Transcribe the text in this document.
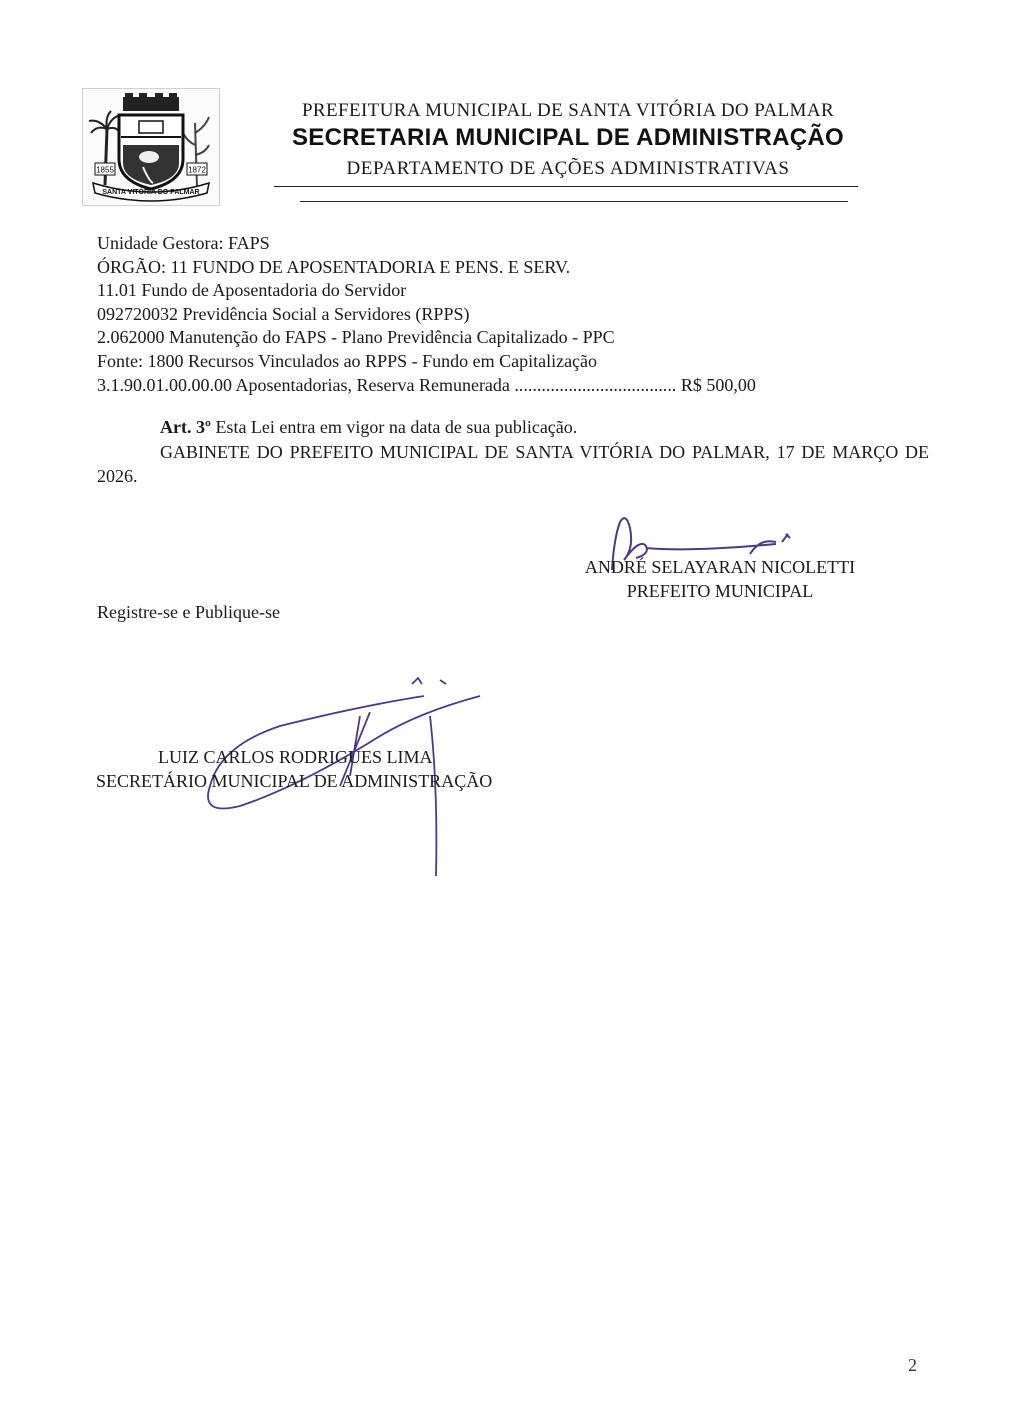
1855	1872
SANTA VITÓRIA DO PALMAR
PREFEITURA MUNICIPAL DE SANTA VITÓRIA DO PALMAR
SECRETARIA MUNICIPAL DE ADMINISTRAÇÃO
DEPARTAMENTO DE AÇÕES ADMINISTRATIVAS
Unidade Gestora: FAPS
ÓRGÃO: 11 FUNDO DE APOSENTADORIA E PENS. E SERV.
11.01 Fundo de Aposentadoria do Servidor
092720032 Previdência Social a Servidores (RPPS)
2.062000 Manutenção do FAPS - Plano Previdência Capitalizado - PPC
Fonte: 1800 Recursos Vinculados ao RPPS - Fundo em Capitalização
3.1.90.01.00.00.00 Aposentadorias, Reserva Remunerada .................................... R$ 500,00
Art. 3º Esta Lei entra em vigor na data de sua publicação.
GABINETE DO PREFEITO MUNICIPAL DE SANTA VITÓRIA DO PALMAR, 17 DE MARÇO DE 2026.
ANDRÉ SELAYARAN NICOLETTI
PREFEITO MUNICIPAL
Registre-se e Publique-se
LUIZ CARLOS RODRIGUES LIMA
SECRETÁRIO MUNICIPAL DE ADMINISTRAÇÃO
2
